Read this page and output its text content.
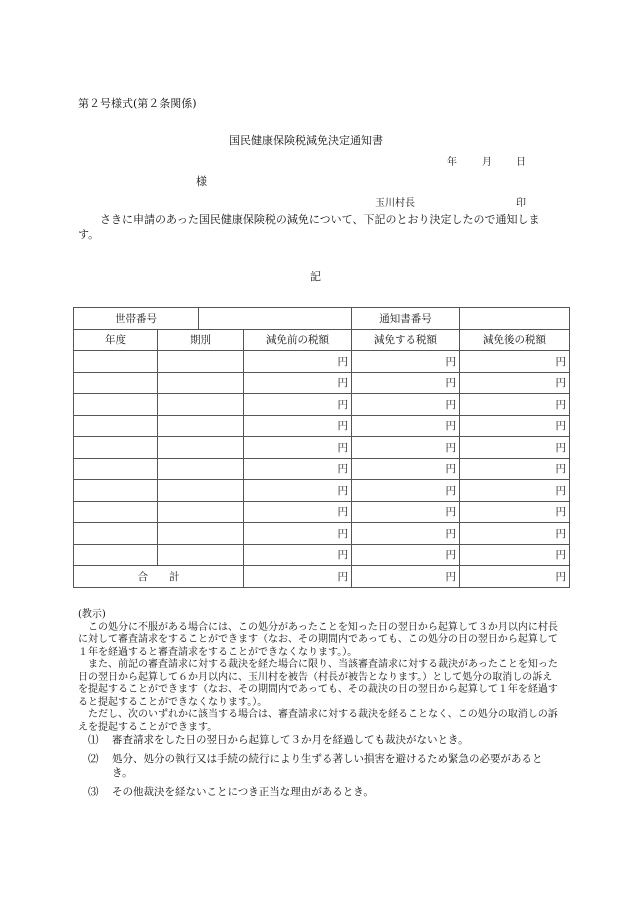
第２号様式(第２条関係)
国民健康保険税減免決定通知書
年	月 日
様
玉川村長	印
さきに申請のあった国民健康保険税の減免について、下記のとおり決定したので通知します。
記
世帯番号				通知書番号	
年度	期別		減免前の税額	減免する税額	減免後の税額
			円	円	円
			円	円	円
			円	円	円
			円	円	円
			円	円	円
			円	円	円
			円	円	円
			円	円	円
			円	円	円
			円	円	円
合　　計			円	円	円

(教示)

この処分に不服がある場合には、この処分があったことを知った日の翌日から起算して３か月以内に村長に対して審査請求をすることができます（なお、その期間内であっても、この処分の日の翌日から起算して１年を経過すると審査請求をすることができなくなります。）。

また、前記の審査請求に対する裁決を経た場合に限り、当該審査請求に対する裁決があったことを知った日の翌日から起算して６か月以内に、玉川村を被告（村長が被告となります。）として処分の取消しの訴えを提起することができます（なお、その期間内であっても、その裁決の日の翌日から起算して１年を経過すると提起することができなくなります。）。

ただし、次のいずれかに該当する場合は、審査請求に対する裁決を経ることなく、この処分の取消しの訴えを提起することができます。

⑴	審査請求をした日の翌日から起算して３か月を経過しても裁決がないとき。
⑵	処分、処分の執行又は手続の続行により生ずる著しい損害を避けるため緊急の必要があるとき。
⑶	その他裁決を経ないことにつき正当な理由があるとき。
